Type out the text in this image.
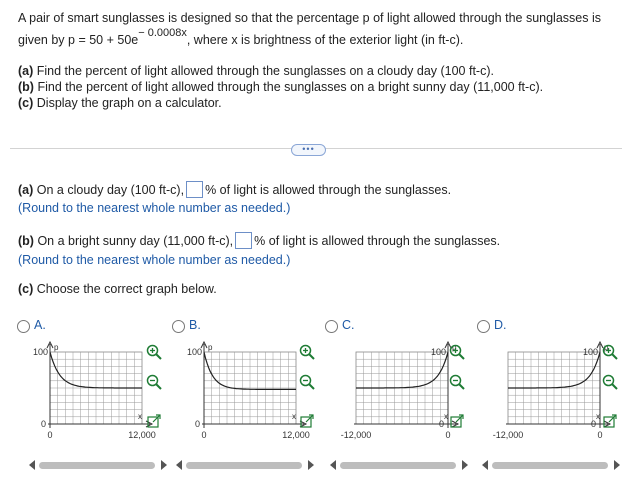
A pair of smart sunglasses is designed so that the percentage p of light allowed through the sunglasses is
given by p = 50 + 50e− 0.0008x, where x is brightness of the exterior light (in ft-c).
(a) Find the percent of light allowed through the sunglasses on a cloudy day (100 ft-c).
(b) Find the percent of light allowed through the sunglasses on a bright sunny day (11,000 ft-c).
(c) Display the graph on a calculator.
•••
(a) On a cloudy day (100 ft-c), % of light is allowed through the sunglasses.
(Round to the nearest whole number as needed.)
(b) On a bright sunny day (11,000 ft-c), % of light is allowed through the sunglasses.
(Round to the nearest whole number as needed.)
(c) Choose the correct graph below.
A.	B.	C.	D.
100
0
0	12,000
p
x
100
0
0	12,000
p
x
100
0
-12,000	0
p
x
100
0
-12,000	0
p
x
